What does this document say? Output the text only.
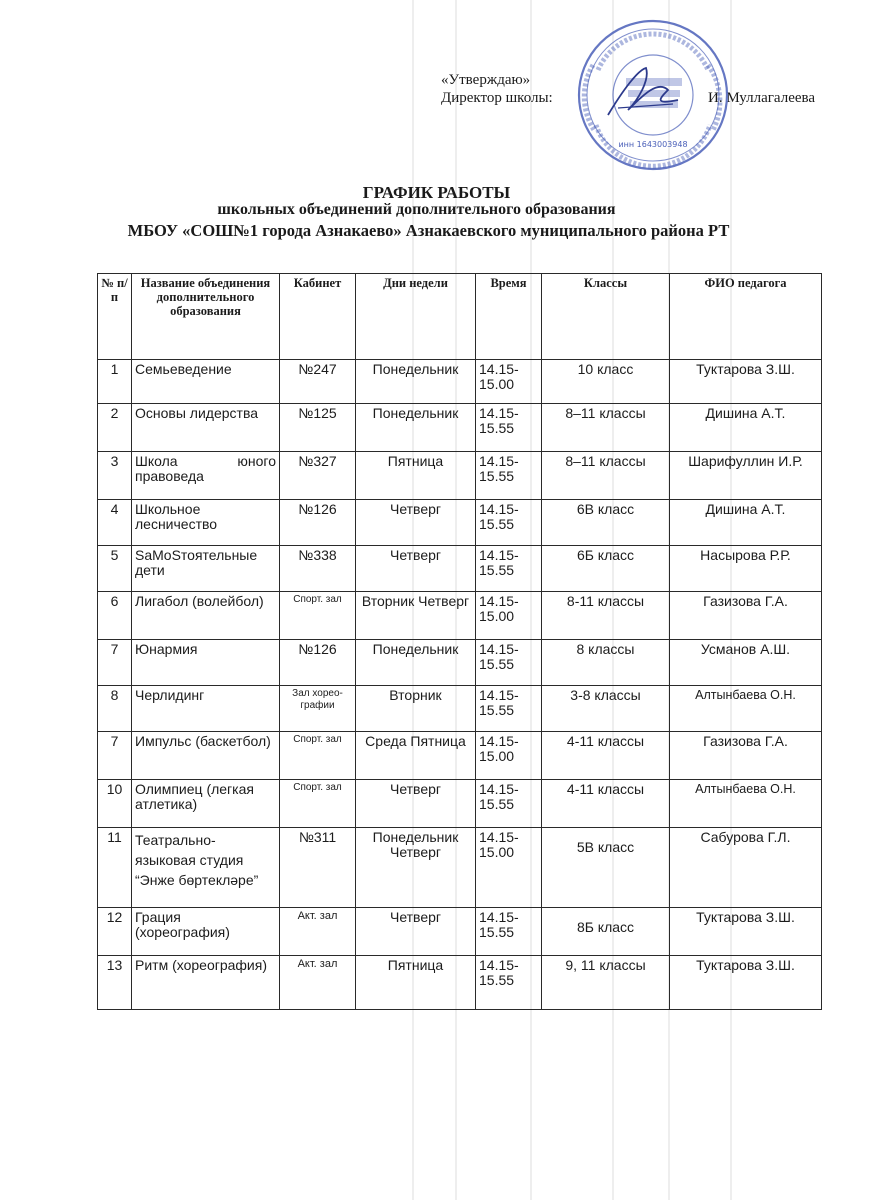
«Утверждаю»
Директор школы:	И. Муллагалеева
инн 1643003948
ГРАФИК РАБОТЫ
школьных объединений дополнительного образования
МБОУ «СОШ№1 города Азнакаево» Азнакаевского муниципального района РТ
№ п/п	Название объединения дополнительного образования	Кабинет	Дни недели	Время	Классы	ФИО педагога
1	Семьеведение	№247	Понедельник	14.15-15.00	10 класс	Туктарова З.Ш.
2	Основы лидерства	№125	Понедельник	14.15-15.55	8–11 классы	Дишина А.Т.
3	Школа юного правоведа	№327	Пятница	14.15-15.55	8–11 классы	Шарифуллин И.Р.
4	Школьное лесничество	№126	Четверг	14.15-15.55	6В класс	Дишина А.Т.
5	SaMoSтоятельные дети	№338	Четверг	14.15-15.55	6Б класс	Насырова Р.Р.
6	Лигабол (волейбол)	Спорт. зал	Вторник Четверг	14.15-15.00	8-11 классы	Газизова Г.А.
7	Юнармия	№126	Понедельник	14.15-15.55	8 классы	Усманов А.Ш.
8	Черлидинг	Зал хорео-графии	Вторник	14.15-15.55	3-8 классы	Алтынбаева О.Н.
7	Импульс (баскетбол)	Спорт. зал	Среда Пятница	14.15-15.00	4-11 классы	Газизова Г.А.
10	Олимпиец (легкая атлетика)	Спорт. зал	Четверг	14.15-15.55	4-11 классы	Алтынбаева О.Н.
11	Театрально-языковая студия “Энже бөртекләре”	№311	Понедельник Четверг	14.15-15.00	5В класс	Сабурова Г.Л.
12	Грация (хореография)	Акт. зал	Четверг	14.15-15.55	8Б класс	Туктарова З.Ш.
13	Ритм (хореография)	Акт. зал	Пятница	14.15-15.55	9, 11 классы	Туктарова З.Ш.
